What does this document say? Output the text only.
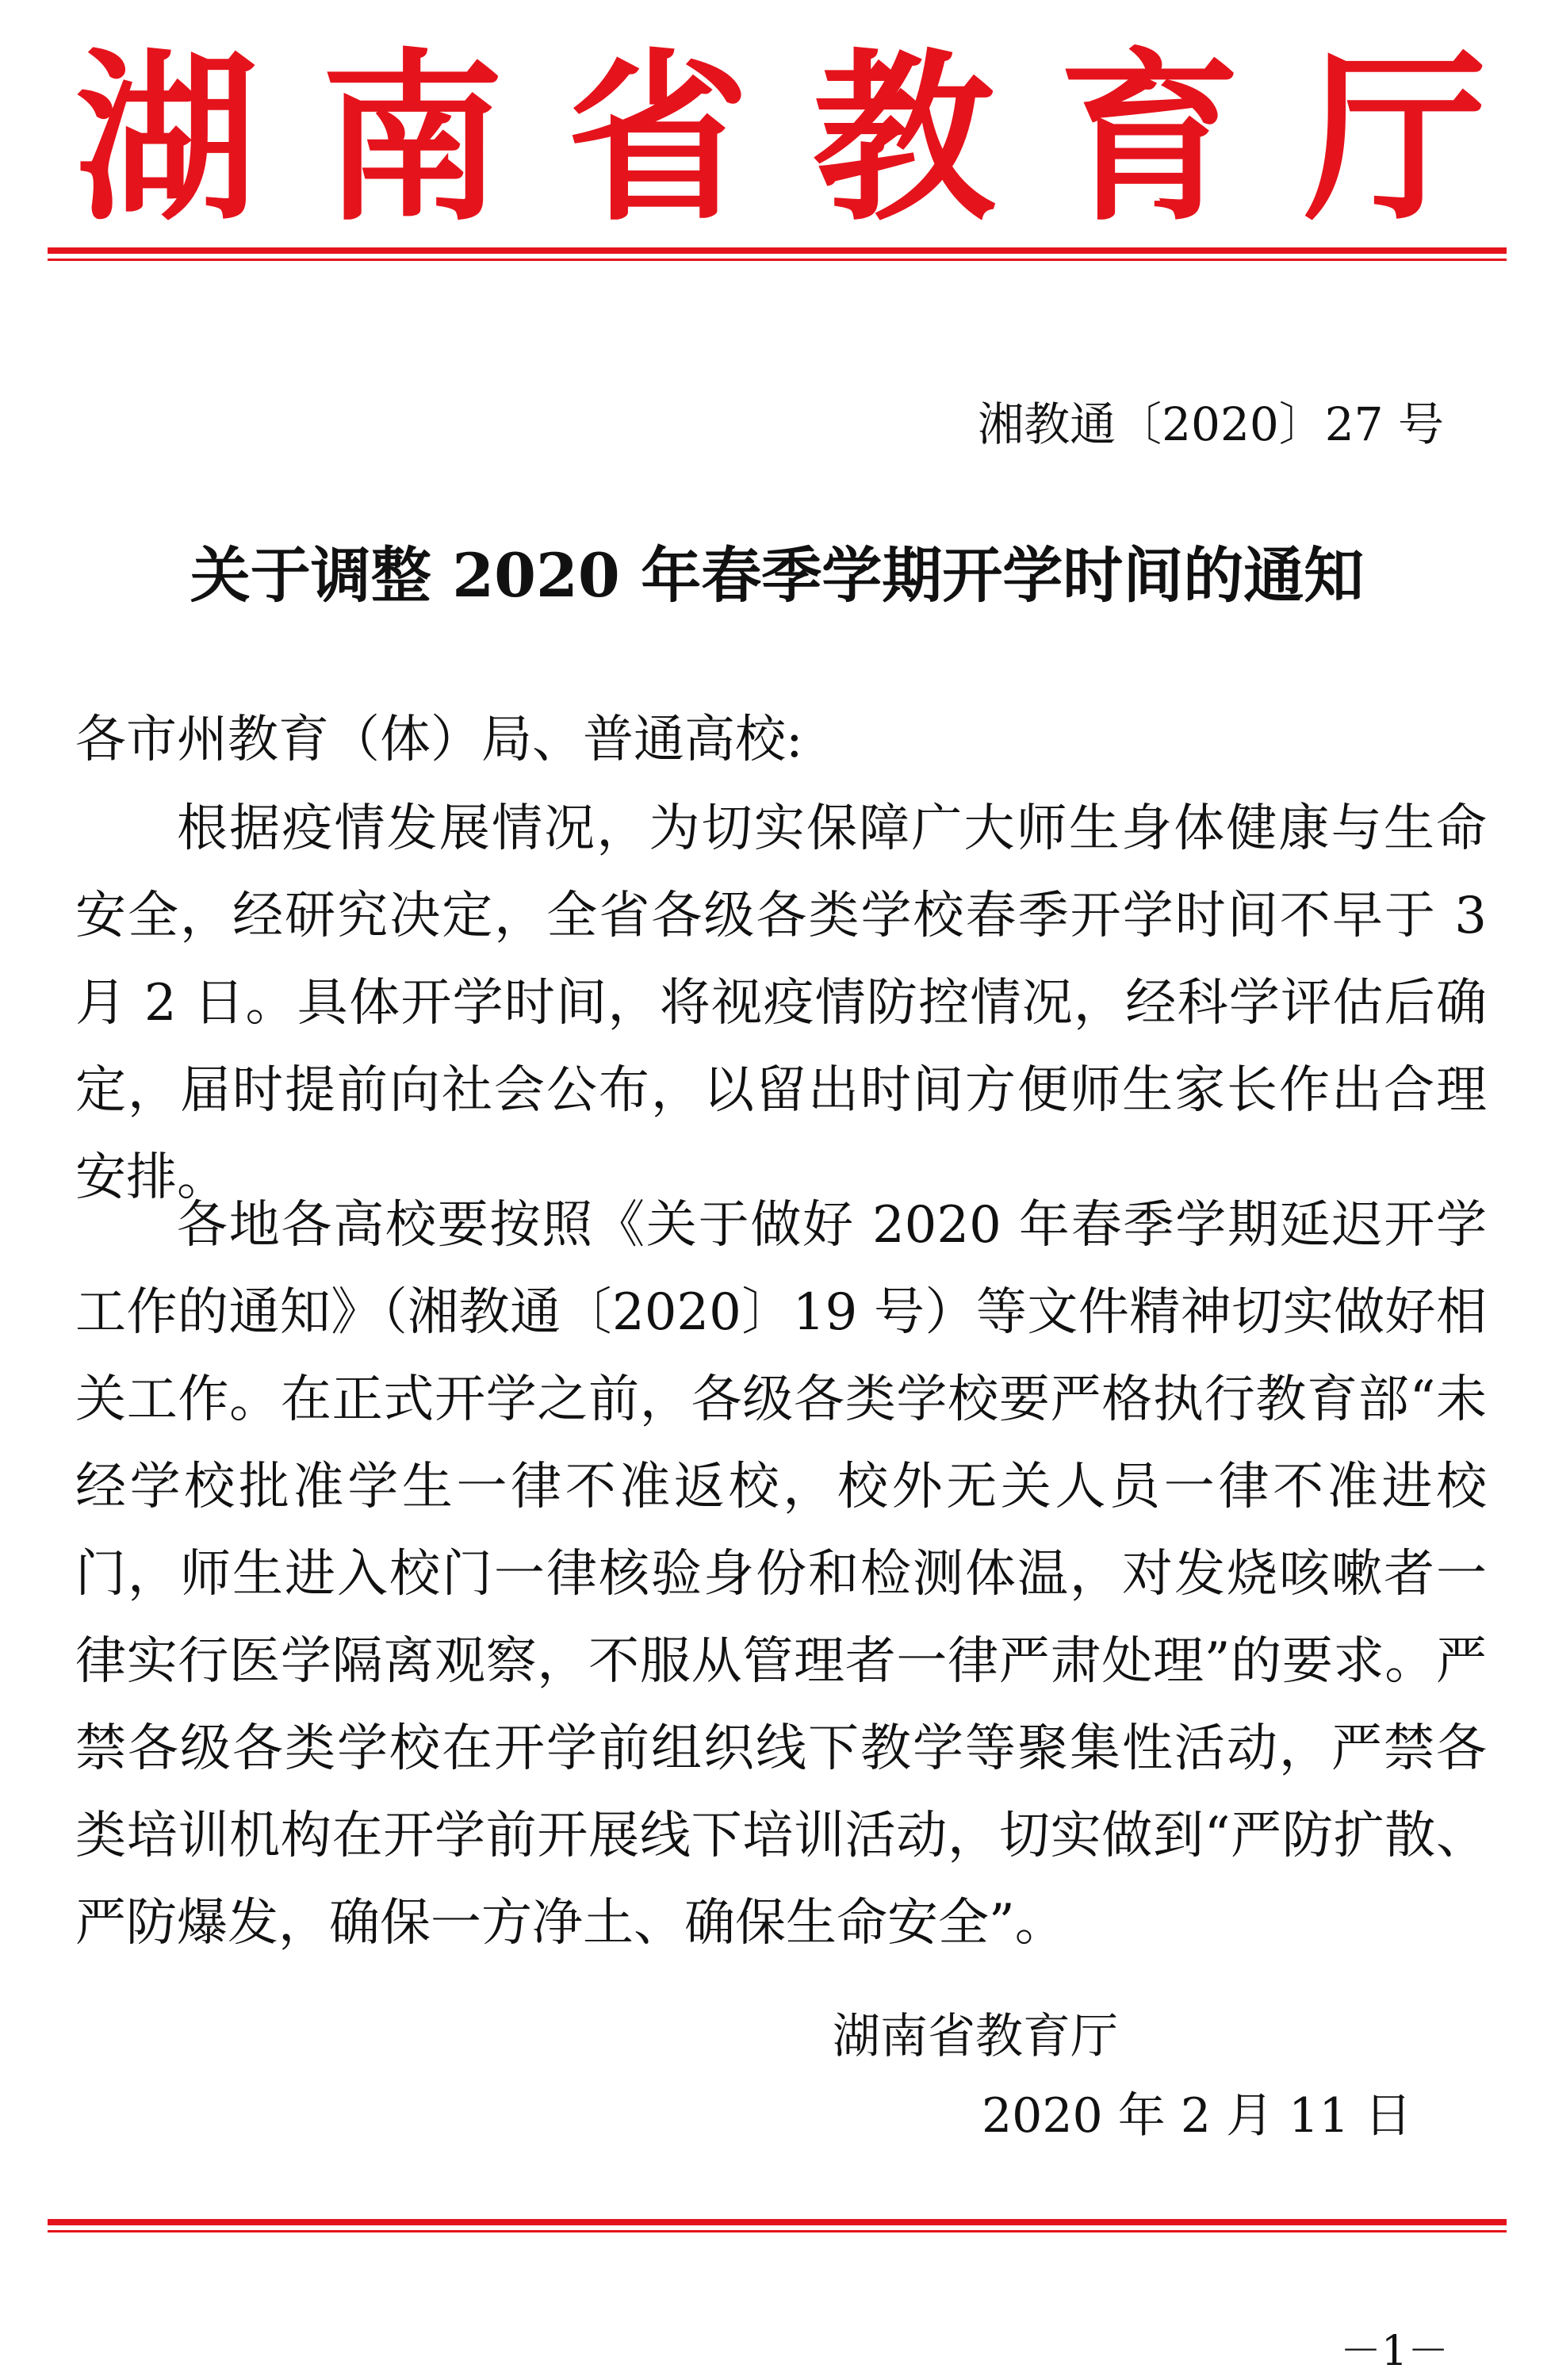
湖 南 省 教 育 厅
湘教通〔2020〕27 号
关于调整 2020 年春季学期开学时间的通知
各市州教育（体）局、普通高校:
根据疫情发展情况，为切实保障广大师生身体健康与生命安全，经研究决定，全省各级各类学校春季开学时间不早于 3 月 2 日。具体开学时间，将视疫情防控情况，经科学评估后确定，届时提前向社会公布，以留出时间方便师生家长作出合理安排。
各地各高校要按照《关于做好 2020 年春季学期延迟开学工作的通知》（湘教通〔2020〕19 号）等文件精神切实做好相关工作。在正式开学之前，各级各类学校要严格执行教育部“未经学校批准学生一律不准返校，校外无关人员一律不准进校门，师生进入校门一律核验身份和检测体温，对发烧咳嗽者一律实行医学隔离观察，不服从管理者一律严肃处理”的要求。严禁各级各类学校在开学前组织线下教学等聚集性活动，严禁各类培训机构在开学前开展线下培训活动，切实做到“严防扩散、严防爆发，确保一方净土、确保生命安全”。
湖南省教育厅
2020 年 2 月 11 日
－1－
